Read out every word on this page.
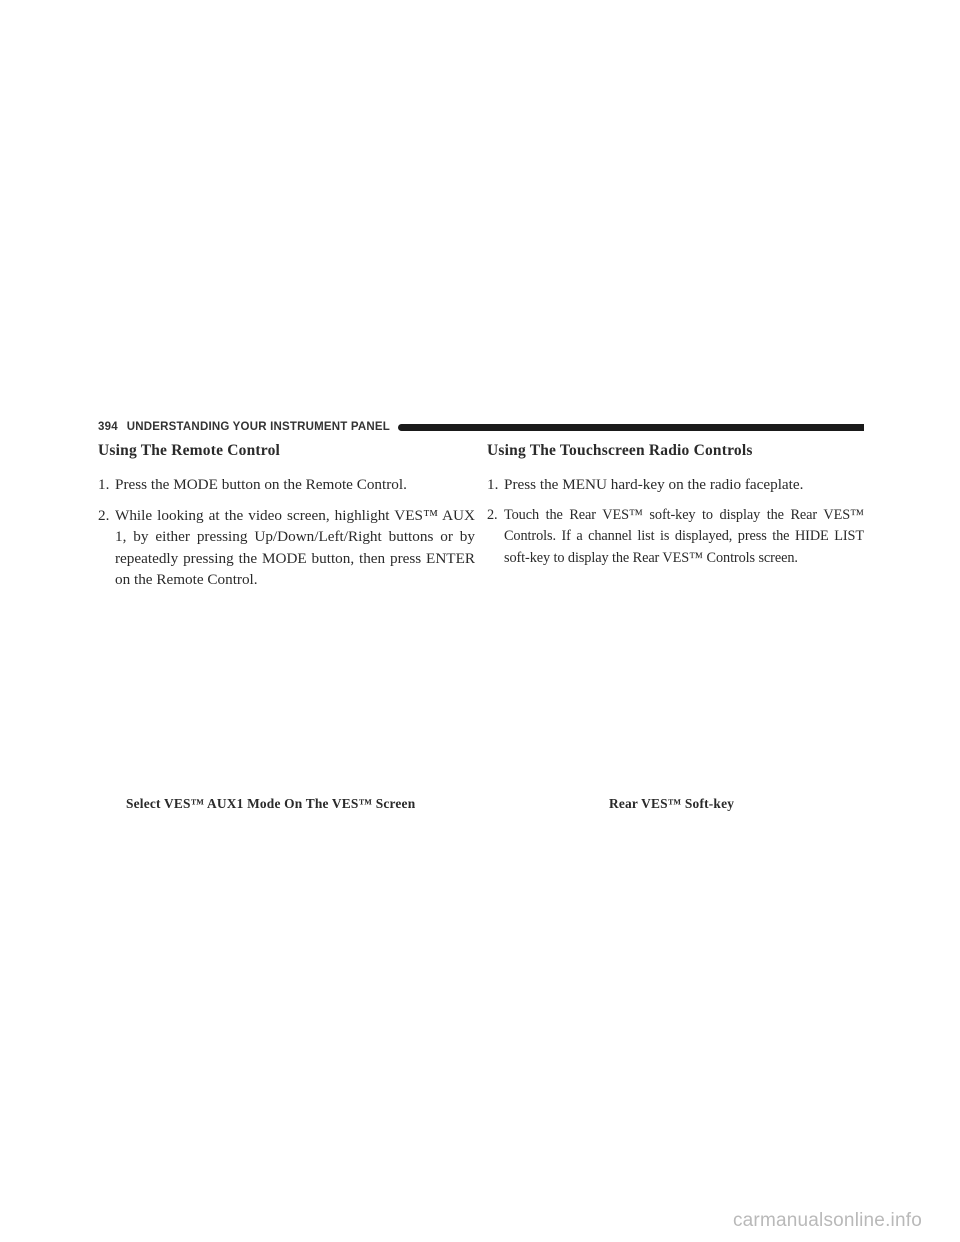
394 UNDERSTANDING YOUR INSTRUMENT PANEL
Using The Remote Control
1. Press the MODE button on the Remote Control.
2. While looking at the video screen, highlight VES™ AUX 1, by either pressing Up/Down/Left/Right buttons or by repeatedly pressing the MODE button, then press ENTER on the Remote Control.
Using The Touchscreen Radio Controls
1. Press the MENU hard-key on the radio faceplate.
2. Touch the Rear VES™ soft-key to display the Rear VES™ Controls. If a channel list is displayed, press the HIDE LIST soft-key to display the Rear VES™ Controls screen.
Select VES™ AUX1 Mode On The VES™ Screen	Rear VES™ Soft-key
carmanualsonline.info
